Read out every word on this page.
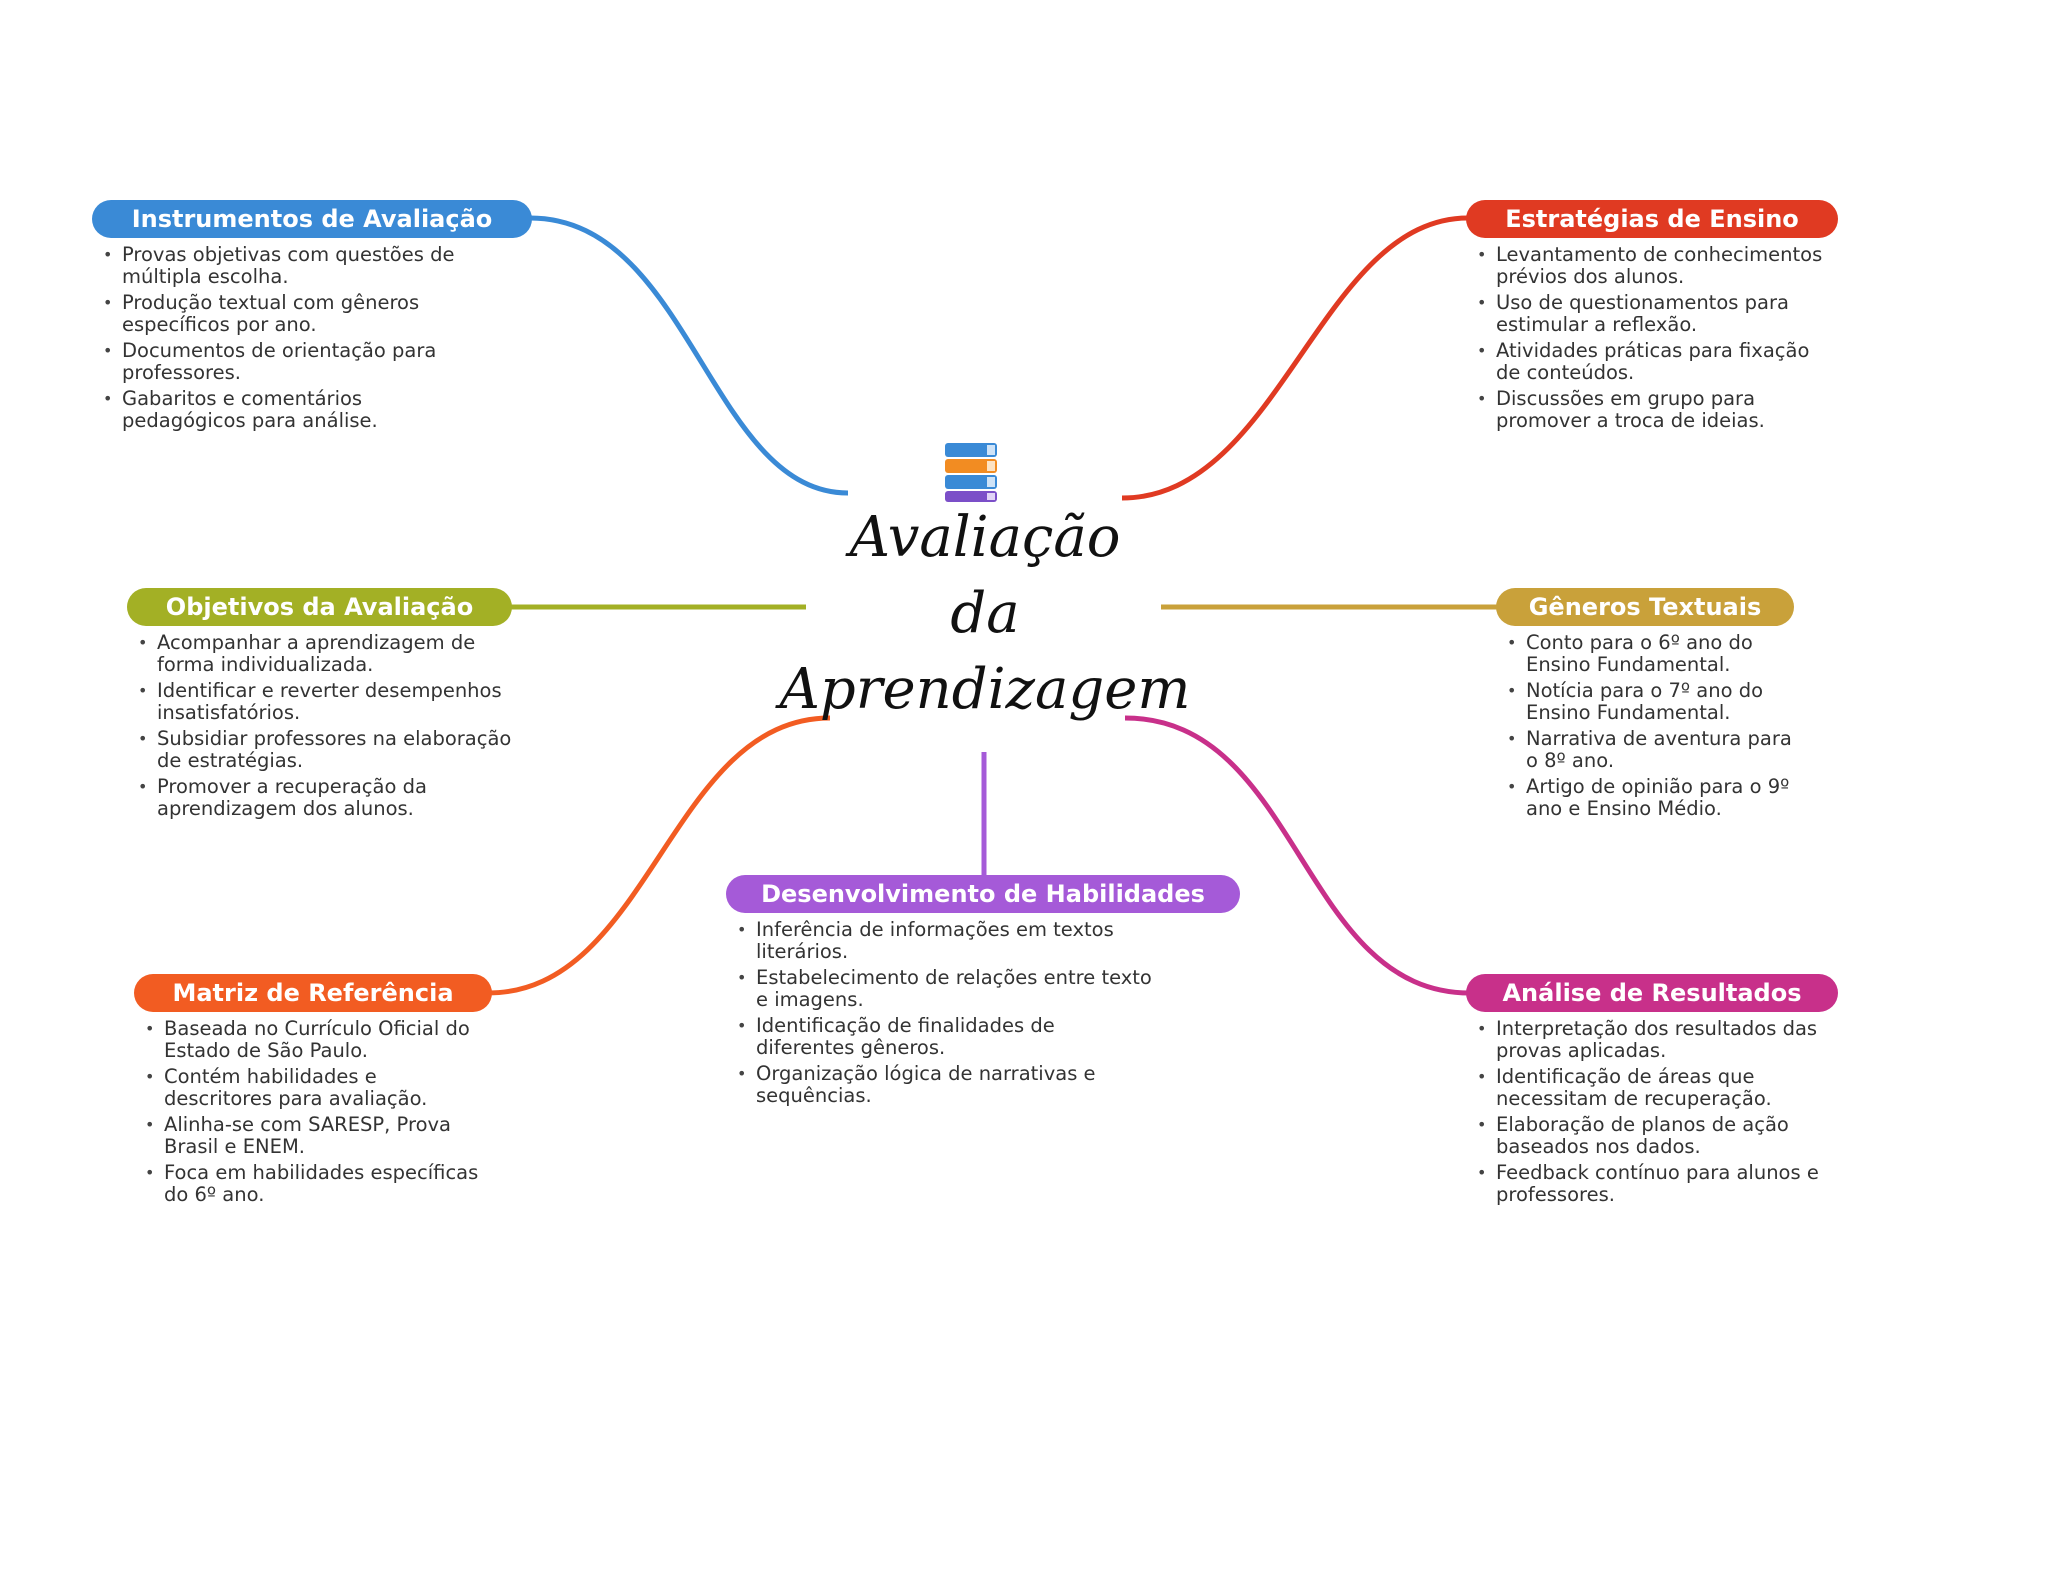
Avaliação
da
Aprendizagem
Instrumentos de Avaliação
• Provas objetivas com questões de múltipla escolha.
• Produção textual com gêneros específicos por ano.
• Documentos de orientação para professores.
• Gabaritos e comentários pedagógicos para análise.
Estratégias de Ensino
• Levantamento de conhecimentos prévios dos alunos.
• Uso de questionamentos para estimular a reflexão.
• Atividades práticas para fixação de conteúdos.
• Discussões em grupo para promover a troca de ideias.
Objetivos da Avaliação
• Acompanhar a aprendizagem de forma individualizada.
• Identificar e reverter desempenhos insatisfatórios.
• Subsidiar professores na elaboração de estratégias.
• Promover a recuperação da aprendizagem dos alunos.
Gêneros Textuais
• Conto para o 6º ano do Ensino Fundamental.
• Notícia para o 7º ano do Ensino Fundamental.
• Narrativa de aventura para o 8º ano.
• Artigo de opinião para o 9º ano e Ensino Médio.
Desenvolvimento de Habilidades
• Inferência de informações em textos literários.
• Estabelecimento de relações entre texto e imagens.
• Identificação de finalidades de diferentes gêneros.
• Organização lógica de narrativas e sequências.
Matriz de Referência
• Baseada no Currículo Oficial do Estado de São Paulo.
• Contém habilidades e descritores para avaliação.
• Alinha-se com SARESP, Prova Brasil e ENEM.
• Foca em habilidades específicas do 6º ano.
Análise de Resultados
• Interpretação dos resultados das provas aplicadas.
• Identificação de áreas que necessitam de recuperação.
• Elaboração de planos de ação baseados nos dados.
• Feedback contínuo para alunos e professores.
